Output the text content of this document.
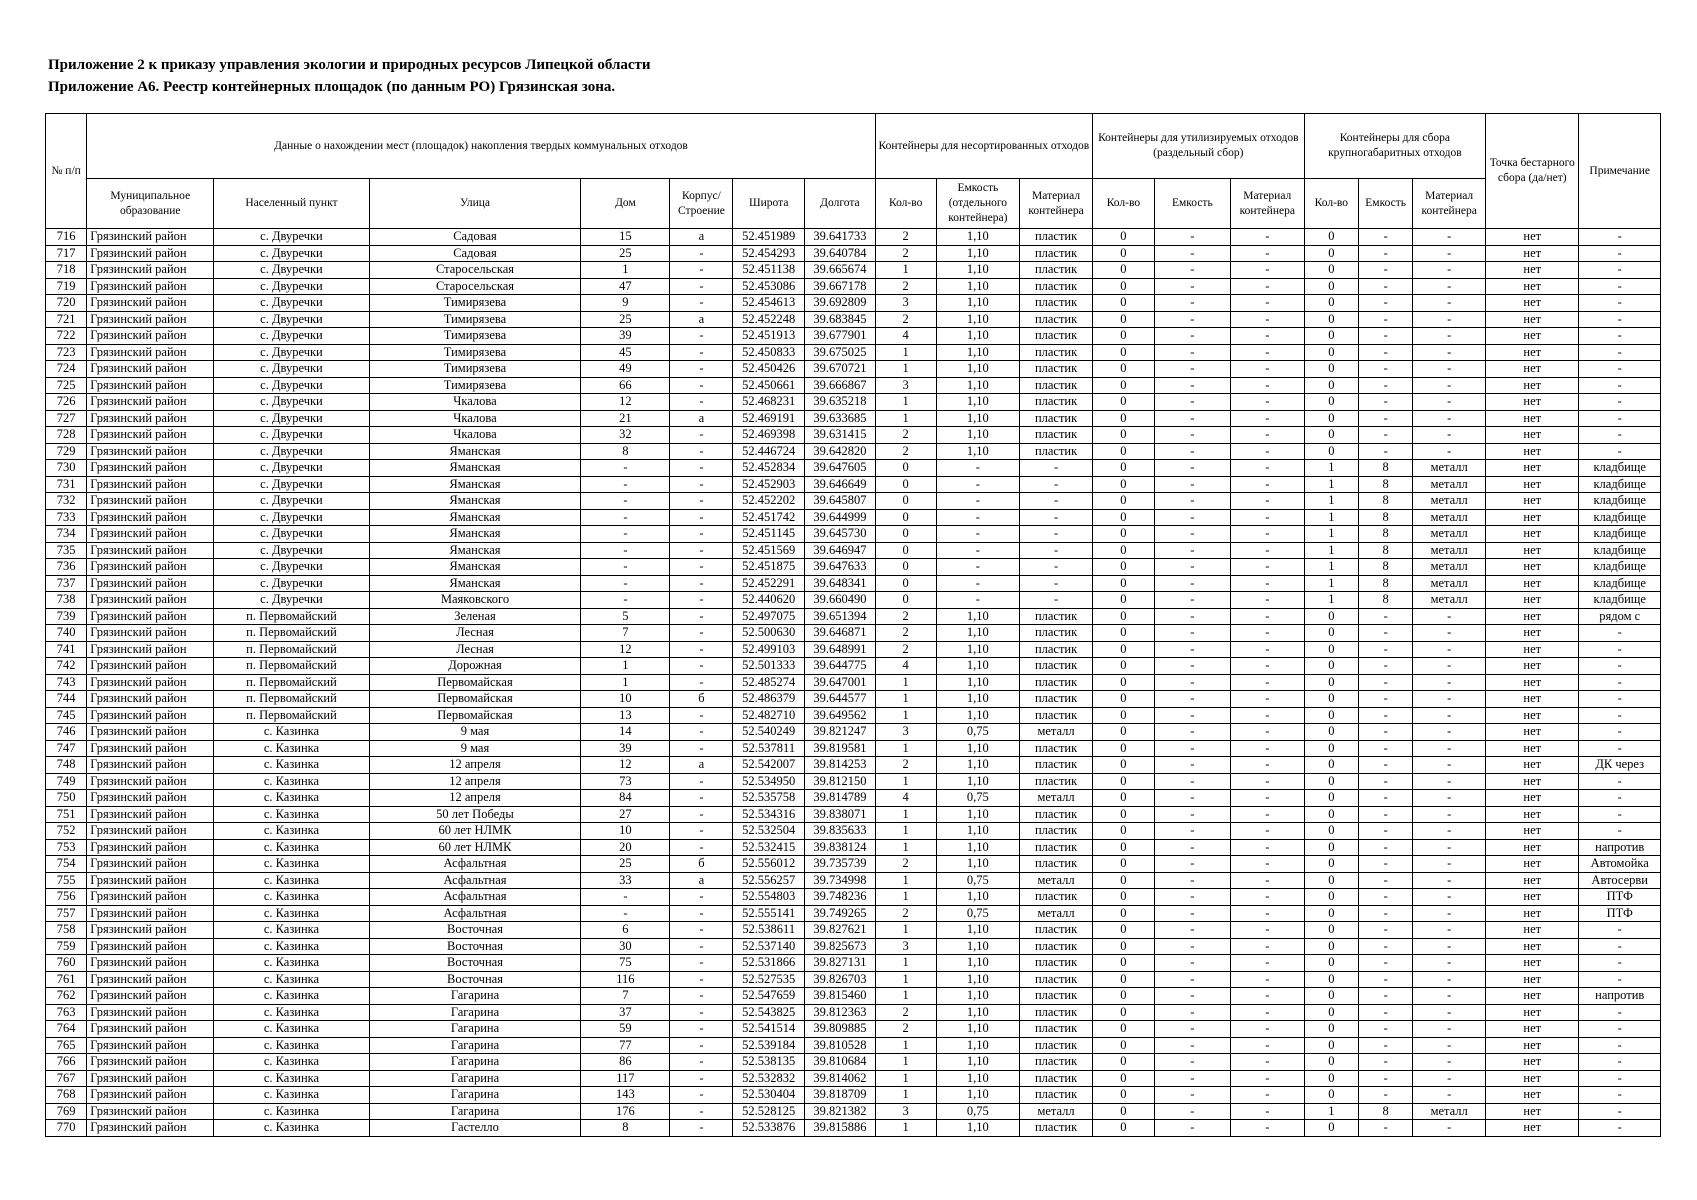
Приложение 2 к приказу управления экологии и природных ресурсов Липецкой области
Приложение А6. Реестр контейнерных площадок (по данным РО) Грязинская зона.
№ п/п	Данные о нахождении мест (площадок) накопления твердых коммунальных отходов							Контейнеры для несортированных отходов			Контейнеры для утилизируемых отходов (раздельный сбор)			Контейнеры для сбора крупногабаритных отходов			Точка бестарного сбора (да/нет)	Примечание
	Муниципальное образование	Населенный пункт	Улица	Дом	Корпус/ Строение	Широта	Долгота	Кол-во	Емкость (отдельного контейнера)	Материал контейнера	Кол-во	Емкость	Материал контейнера	Кол-во	Емкость	Материал контейнера		
716	Грязинский район	с. Двуречки	Садовая	15	а	52.451989	39.641733	2	1,10	пластик	0	-	-	0	-	-	нет	-
717	Грязинский район	с. Двуречки	Садовая	25	-	52.454293	39.640784	2	1,10	пластик	0	-	-	0	-	-	нет	-
718	Грязинский район	с. Двуречки	Старосельская	1	-	52.451138	39.665674	1	1,10	пластик	0	-	-	0	-	-	нет	-
719	Грязинский район	с. Двуречки	Старосельская	47	-	52.453086	39.667178	2	1,10	пластик	0	-	-	0	-	-	нет	-
720	Грязинский район	с. Двуречки	Тимирязева	9	-	52.454613	39.692809	3	1,10	пластик	0	-	-	0	-	-	нет	-
721	Грязинский район	с. Двуречки	Тимирязева	25	а	52.452248	39.683845	2	1,10	пластик	0	-	-	0	-	-	нет	-
722	Грязинский район	с. Двуречки	Тимирязева	39	-	52.451913	39.677901	4	1,10	пластик	0	-	-	0	-	-	нет	-
723	Грязинский район	с. Двуречки	Тимирязева	45	-	52.450833	39.675025	1	1,10	пластик	0	-	-	0	-	-	нет	-
724	Грязинский район	с. Двуречки	Тимирязева	49	-	52.450426	39.670721	1	1,10	пластик	0	-	-	0	-	-	нет	-
725	Грязинский район	с. Двуречки	Тимирязева	66	-	52.450661	39.666867	3	1,10	пластик	0	-	-	0	-	-	нет	-
726	Грязинский район	с. Двуречки	Чкалова	12	-	52.468231	39.635218	1	1,10	пластик	0	-	-	0	-	-	нет	-
727	Грязинский район	с. Двуречки	Чкалова	21	а	52.469191	39.633685	1	1,10	пластик	0	-	-	0	-	-	нет	-
728	Грязинский район	с. Двуречки	Чкалова	32	-	52.469398	39.631415	2	1,10	пластик	0	-	-	0	-	-	нет	-
729	Грязинский район	с. Двуречки	Яманская	8	-	52.446724	39.642820	2	1,10	пластик	0	-	-	0	-	-	нет	-
730	Грязинский район	с. Двуречки	Яманская	-	-	52.452834	39.647605	0	-	-	0	-	-	1	8	металл	нет	кладбище
731	Грязинский район	с. Двуречки	Яманская	-	-	52.452903	39.646649	0	-	-	0	-	-	1	8	металл	нет	кладбище
732	Грязинский район	с. Двуречки	Яманская	-	-	52.452202	39.645807	0	-	-	0	-	-	1	8	металл	нет	кладбище
733	Грязинский район	с. Двуречки	Яманская	-	-	52.451742	39.644999	0	-	-	0	-	-	1	8	металл	нет	кладбище
734	Грязинский район	с. Двуречки	Яманская	-	-	52.451145	39.645730	0	-	-	0	-	-	1	8	металл	нет	кладбище
735	Грязинский район	с. Двуречки	Яманская	-	-	52.451569	39.646947	0	-	-	0	-	-	1	8	металл	нет	кладбище
736	Грязинский район	с. Двуречки	Яманская	-	-	52.451875	39.647633	0	-	-	0	-	-	1	8	металл	нет	кладбище
737	Грязинский район	с. Двуречки	Яманская	-	-	52.452291	39.648341	0	-	-	0	-	-	1	8	металл	нет	кладбище
738	Грязинский район	с. Двуречки	Маяковского	-	-	52.440620	39.660490	0	-	-	0	-	-	1	8	металл	нет	кладбище
739	Грязинский район	п. Первомайский	Зеленая	5	-	52.497075	39.651394	2	1,10	пластик	0	-	-	0	-	-	нет	рядом с
740	Грязинский район	п. Первомайский	Лесная	7	-	52.500630	39.646871	2	1,10	пластик	0	-	-	0	-	-	нет	-
741	Грязинский район	п. Первомайский	Лесная	12	-	52.499103	39.648991	2	1,10	пластик	0	-	-	0	-	-	нет	-
742	Грязинский район	п. Первомайский	Дорожная	1	-	52.501333	39.644775	4	1,10	пластик	0	-	-	0	-	-	нет	-
743	Грязинский район	п. Первомайский	Первомайская	1	-	52.485274	39.647001	1	1,10	пластик	0	-	-	0	-	-	нет	-
744	Грязинский район	п. Первомайский	Первомайская	10	б	52.486379	39.644577	1	1,10	пластик	0	-	-	0	-	-	нет	-
745	Грязинский район	п. Первомайский	Первомайская	13	-	52.482710	39.649562	1	1,10	пластик	0	-	-	0	-	-	нет	-
746	Грязинский район	с. Казинка	9 мая	14	-	52.540249	39.821247	3	0,75	металл	0	-	-	0	-	-	нет	-
747	Грязинский район	с. Казинка	9 мая	39	-	52.537811	39.819581	1	1,10	пластик	0	-	-	0	-	-	нет	-
748	Грязинский район	с. Казинка	12 апреля	12	а	52.542007	39.814253	2	1,10	пластик	0	-	-	0	-	-	нет	ДК через
749	Грязинский район	с. Казинка	12 апреля	73	-	52.534950	39.812150	1	1,10	пластик	0	-	-	0	-	-	нет	-
750	Грязинский район	с. Казинка	12 апреля	84	-	52.535758	39.814789	4	0,75	металл	0	-	-	0	-	-	нет	-
751	Грязинский район	с. Казинка	50 лет Победы	27	-	52.534316	39.838071	1	1,10	пластик	0	-	-	0	-	-	нет	-
752	Грязинский район	с. Казинка	60 лет НЛМК	10	-	52.532504	39.835633	1	1,10	пластик	0	-	-	0	-	-	нет	-
753	Грязинский район	с. Казинка	60 лет НЛМК	20	-	52.532415	39.838124	1	1,10	пластик	0	-	-	0	-	-	нет	напротив
754	Грязинский район	с. Казинка	Асфальтная	25	б	52.556012	39.735739	2	1,10	пластик	0	-	-	0	-	-	нет	Автомойка
755	Грязинский район	с. Казинка	Асфальтная	33	а	52.556257	39.734998	1	0,75	металл	0	-	-	0	-	-	нет	Автосерви
756	Грязинский район	с. Казинка	Асфальтная	-	-	52.554803	39.748236	1	1,10	пластик	0	-	-	0	-	-	нет	ПТФ
757	Грязинский район	с. Казинка	Асфальтная	-	-	52.555141	39.749265	2	0,75	металл	0	-	-	0	-	-	нет	ПТФ
758	Грязинский район	с. Казинка	Восточная	6	-	52.538611	39.827621	1	1,10	пластик	0	-	-	0	-	-	нет	-
759	Грязинский район	с. Казинка	Восточная	30	-	52.537140	39.825673	3	1,10	пластик	0	-	-	0	-	-	нет	-
760	Грязинский район	с. Казинка	Восточная	75	-	52.531866	39.827131	1	1,10	пластик	0	-	-	0	-	-	нет	-
761	Грязинский район	с. Казинка	Восточная	116	-	52.527535	39.826703	1	1,10	пластик	0	-	-	0	-	-	нет	-
762	Грязинский район	с. Казинка	Гагарина	7	-	52.547659	39.815460	1	1,10	пластик	0	-	-	0	-	-	нет	напротив
763	Грязинский район	с. Казинка	Гагарина	37	-	52.543825	39.812363	2	1,10	пластик	0	-	-	0	-	-	нет	-
764	Грязинский район	с. Казинка	Гагарина	59	-	52.541514	39.809885	2	1,10	пластик	0	-	-	0	-	-	нет	-
765	Грязинский район	с. Казинка	Гагарина	77	-	52.539184	39.810528	1	1,10	пластик	0	-	-	0	-	-	нет	-
766	Грязинский район	с. Казинка	Гагарина	86	-	52.538135	39.810684	1	1,10	пластик	0	-	-	0	-	-	нет	-
767	Грязинский район	с. Казинка	Гагарина	117	-	52.532832	39.814062	1	1,10	пластик	0	-	-	0	-	-	нет	-
768	Грязинский район	с. Казинка	Гагарина	143	-	52.530404	39.818709	1	1,10	пластик	0	-	-	0	-	-	нет	-
769	Грязинский район	с. Казинка	Гагарина	176	-	52.528125	39.821382	3	0,75	металл	0	-	-	1	8	металл	нет	-
770	Грязинский район	с. Казинка	Гастелло	8	-	52.533876	39.815886	1	1,10	пластик	0	-	-	0	-	-	нет	-
